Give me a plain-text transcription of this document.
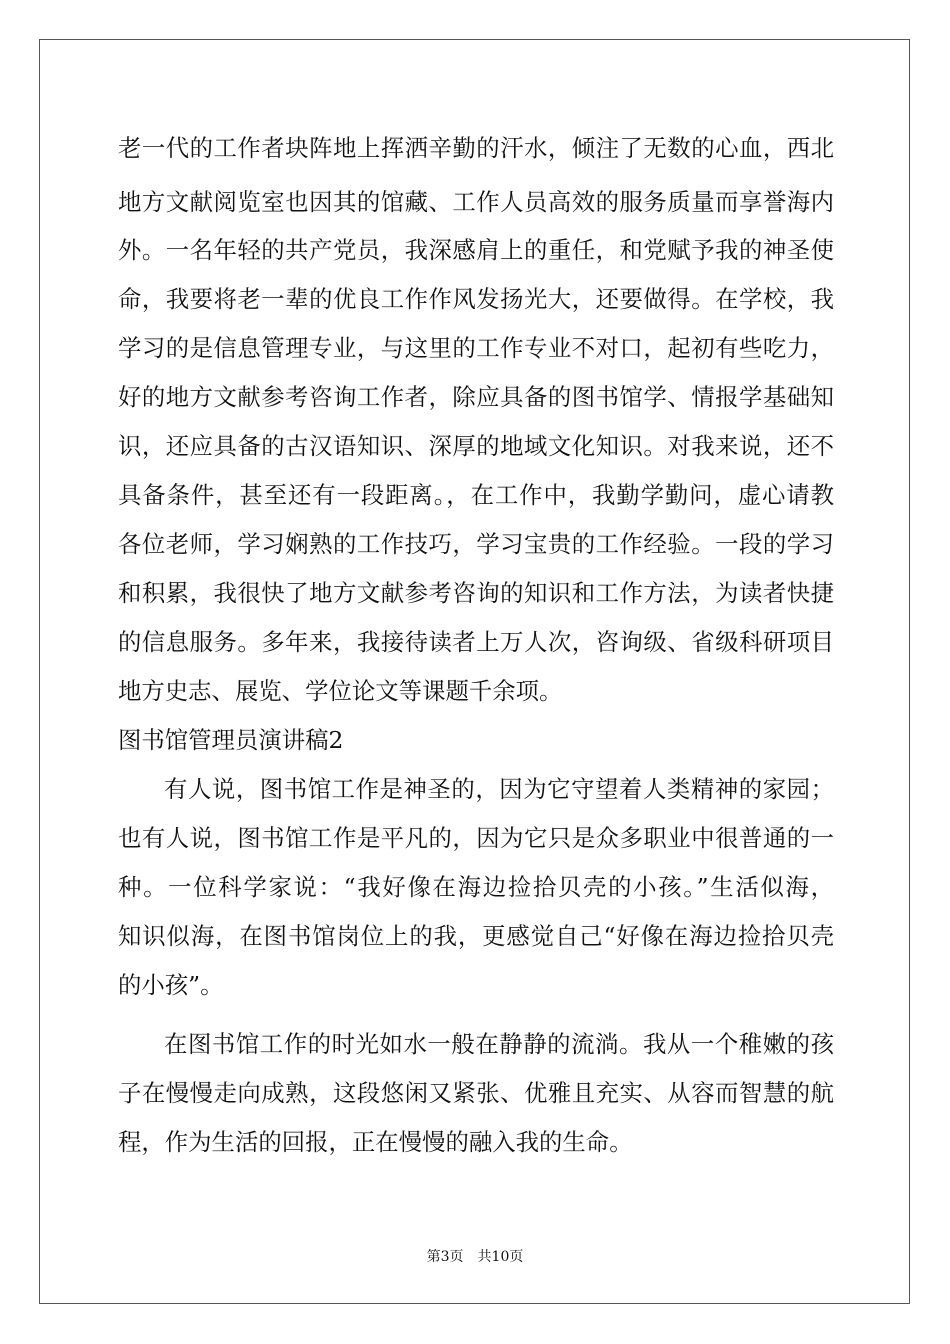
老一代的工作者块阵地上挥洒辛勤的汗水，倾注了无数的心血，西北
地方文献阅览室也因其的馆藏、工作人员高效的服务质量而享誉海内
外。一名年轻的共产党员，我深感肩上的重任，和党赋予我的神圣使
命，我要将老一辈的优良工作作风发扬光大，还要做得。在学校，我
学习的是信息管理专业，与这里的工作专业不对口，起初有些吃力，
好的地方文献参考咨询工作者，除应具备的图书馆学、情报学基础知
识，还应具备的古汉语知识、深厚的地域文化知识。对我来说，还不
具备条件，甚至还有一段距离。，在工作中，我勤学勤问，虚心请教
各位老师，学习娴熟的工作技巧，学习宝贵的工作经验。一段的学习
和积累，我很快了地方文献参考咨询的知识和工作方法，为读者快捷
的信息服务。多年来，我接待读者上万人次，咨询级、省级科研项目
地方史志、展览、学位论文等课题千余项。
图书馆管理员演讲稿2
有人说，图书馆工作是神圣的，因为它守望着人类精神的家园；
也有人说，图书馆工作是平凡的，因为它只是众多职业中很普通的一
种。一位科学家说：“我好像在海边捡拾贝壳的小孩。”生活似海，
知识似海，在图书馆岗位上的我，更感觉自己“好像在海边捡拾贝壳
的小孩”。
在图书馆工作的时光如水一般在静静的流淌。我从一个稚嫩的孩
子在慢慢走向成熟，这段悠闲又紧张、优雅且充实、从容而智慧的航
程，作为生活的回报，正在慢慢的融入我的生命。
第3页　共10页
